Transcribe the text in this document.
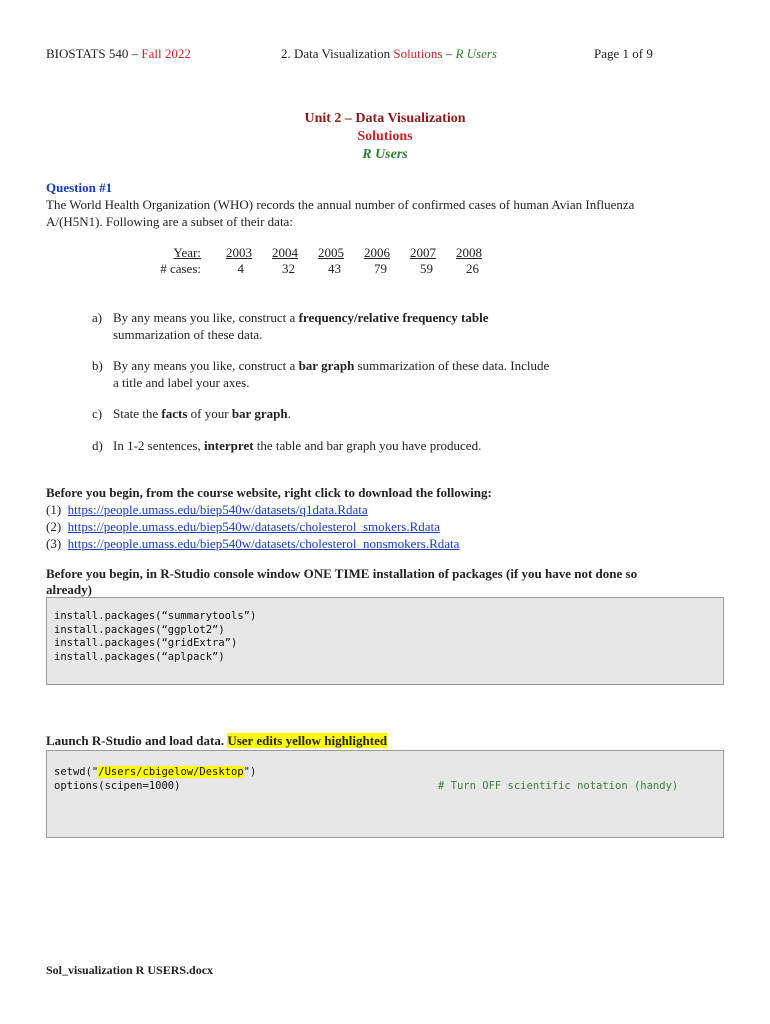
BIOSTATS 540 – Fall 2022	2. Data Visualization Solutions – R Users	Page 1 of 9
Unit 2 – Data Visualization
Solutions
R Users
Question #1
The World Health Organization (WHO) records the annual number of confirmed cases of human Avian Influenza
A/(H5N1). Following are a subset of their data:
Year:	2003	2004	2005	2006	2007	2008
# cases:	4	32	43	79	59	26
a) By any means you like, construct a frequency/relative frequency table
summarization of these data.
b) By any means you like, construct a bar graph summarization of these data. Include
a title and label your axes.
c) State the facts of your bar graph.
d) In 1-2 sentences, interpret the table and bar graph you have produced.
Before you begin, from the course website, right click to download the following:
(1) https://people.umass.edu/biep540w/datasets/q1data.Rdata
(2) https://people.umass.edu/biep540w/datasets/cholesterol_smokers.Rdata
(3) https://people.umass.edu/biep540w/datasets/cholesterol_nonsmokers.Rdata
Before you begin, in R-Studio console window ONE TIME installation of packages (if you have not done so
already)
install.packages(“summarytools”)
install.packages(“ggplot2”)
install.packages(“gridExtra”)
install.packages(“aplpack”)
Launch R-Studio and load data. User edits yellow highlighted
setwd("/Users/cbigelow/Desktop")
options(scipen=1000)	# Turn OFF scientific notation (handy)
Sol_visualization R USERS.docx
